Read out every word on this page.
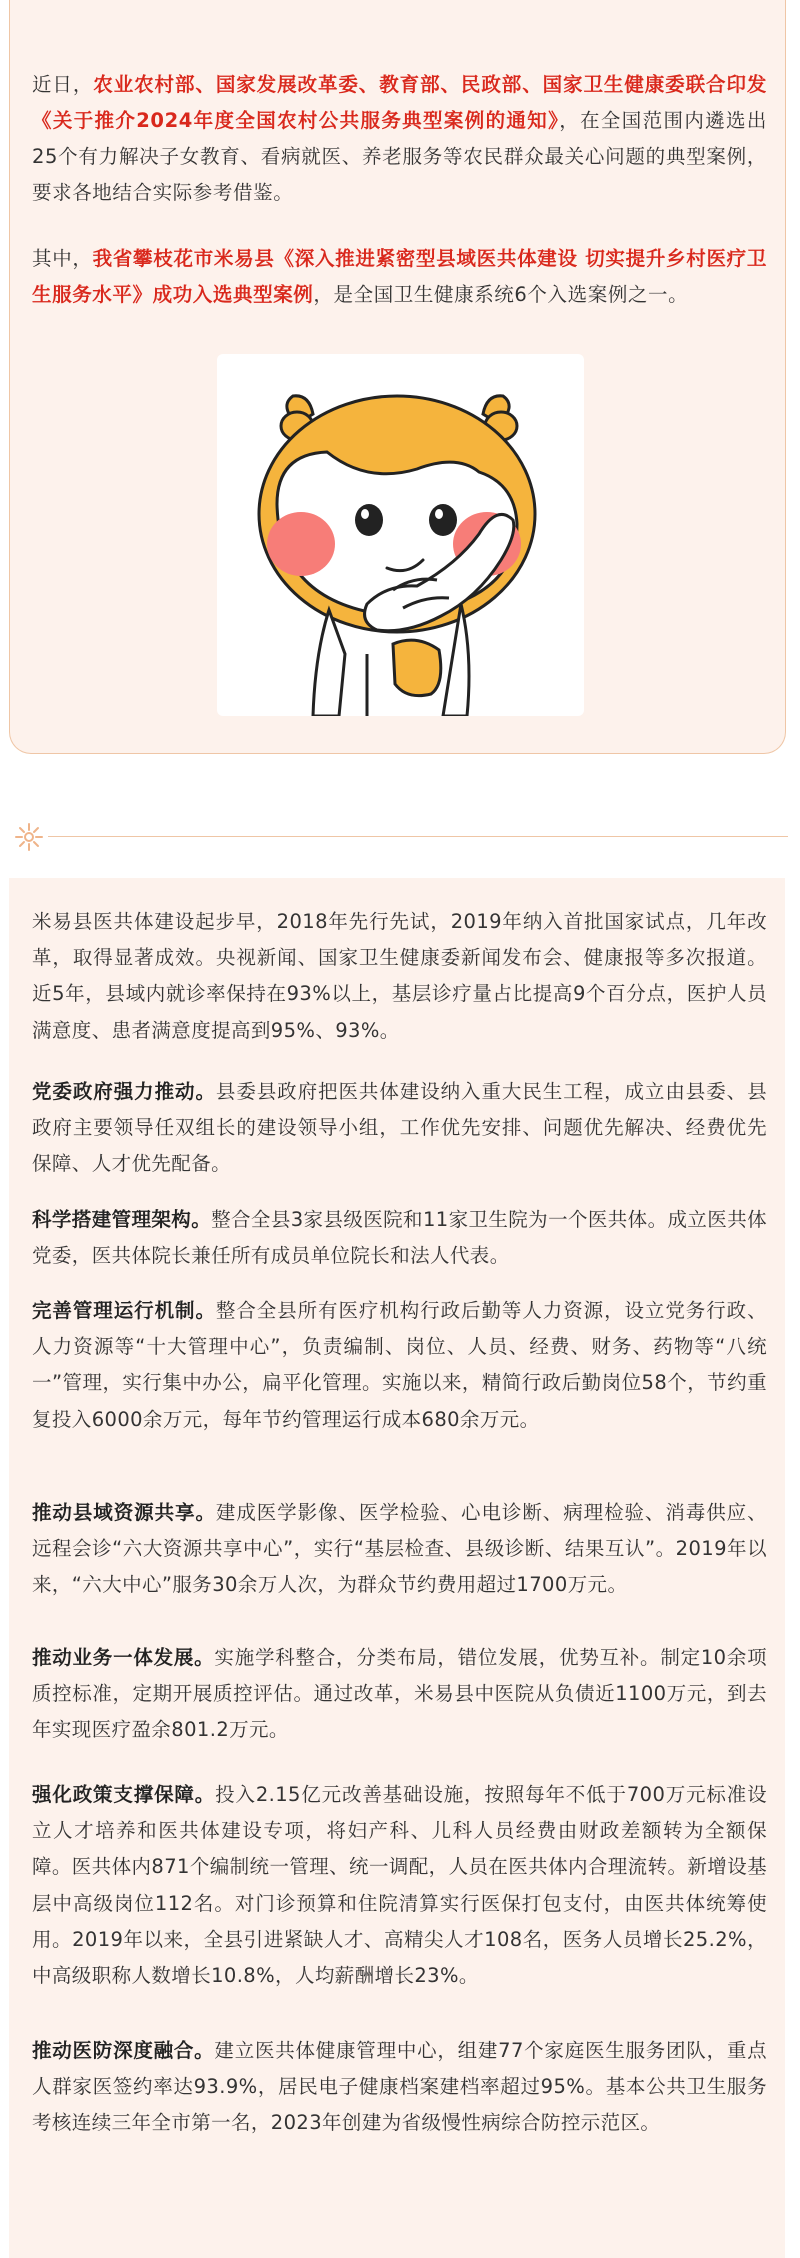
近日，农业农村部、国家发展改革委、教育部、民政部、国家卫生健康委联合印发《关于推介2024年度全国农村公共服务典型案例的通知》，在全国范围内遴选出25个有力解决子女教育、看病就医、养老服务等农民群众最关心问题的典型案例，要求各地结合实际参考借鉴。

其中，我省攀枝花市米易县《深入推进紧密型县域医共体建设 切实提升乡村医疗卫生服务水平》成功入选典型案例，是全国卫生健康系统6个入选案例之一。

米易县医共体建设起步早，2018年先行先试，2019年纳入首批国家试点，几年改革，取得显著成效。央视新闻、国家卫生健康委新闻发布会、健康报等多次报道。近5年，县域内就诊率保持在93%以上，基层诊疗量占比提高9个百分点，医护人员满意度、患者满意度提高到95%、93%。

党委政府强力推动。县委县政府把医共体建设纳入重大民生工程，成立由县委、县政府主要领导任双组长的建设领导小组，工作优先安排、问题优先解决、经费优先保障、人才优先配备。

科学搭建管理架构。整合全县3家县级医院和11家卫生院为一个医共体。成立医共体党委，医共体院长兼任所有成员单位院长和法人代表。

完善管理运行机制。整合全县所有医疗机构行政后勤等人力资源，设立党务行政、人力资源等“十大管理中心”，负责编制、岗位、人员、经费、财务、药物等“八统一”管理，实行集中办公，扁平化管理。实施以来，精简行政后勤岗位58个，节约重复投入6000余万元，每年节约管理运行成本680余万元。

推动县域资源共享。建成医学影像、医学检验、心电诊断、病理检验、消毒供应、远程会诊“六大资源共享中心”，实行“基层检查、县级诊断、结果互认”。2019年以来，“六大中心”服务30余万人次，为群众节约费用超过1700万元。

推动业务一体发展。实施学科整合，分类布局，错位发展，优势互补。制定10余项质控标准，定期开展质控评估。通过改革，米易县中医院从负债近1100万元，到去年实现医疗盈余801.2万元。

强化政策支撑保障。投入2.15亿元改善基础设施，按照每年不低于700万元标准设立人才培养和医共体建设专项，将妇产科、儿科人员经费由财政差额转为全额保障。医共体内871个编制统一管理、统一调配，人员在医共体内合理流转。新增设基层中高级岗位112名。对门诊预算和住院清算实行医保打包支付，由医共体统筹使用。2019年以来，全县引进紧缺人才、高精尖人才108名，医务人员增长25.2%，中高级职称人数增长10.8%，人均薪酬增长23%。

推动医防深度融合。建立医共体健康管理中心，组建77个家庭医生服务团队，重点人群家医签约率达93.9%，居民电子健康档案建档率超过95%。基本公共卫生服务考核连续三年全市第一名，2023年创建为省级慢性病综合防控示范区。
